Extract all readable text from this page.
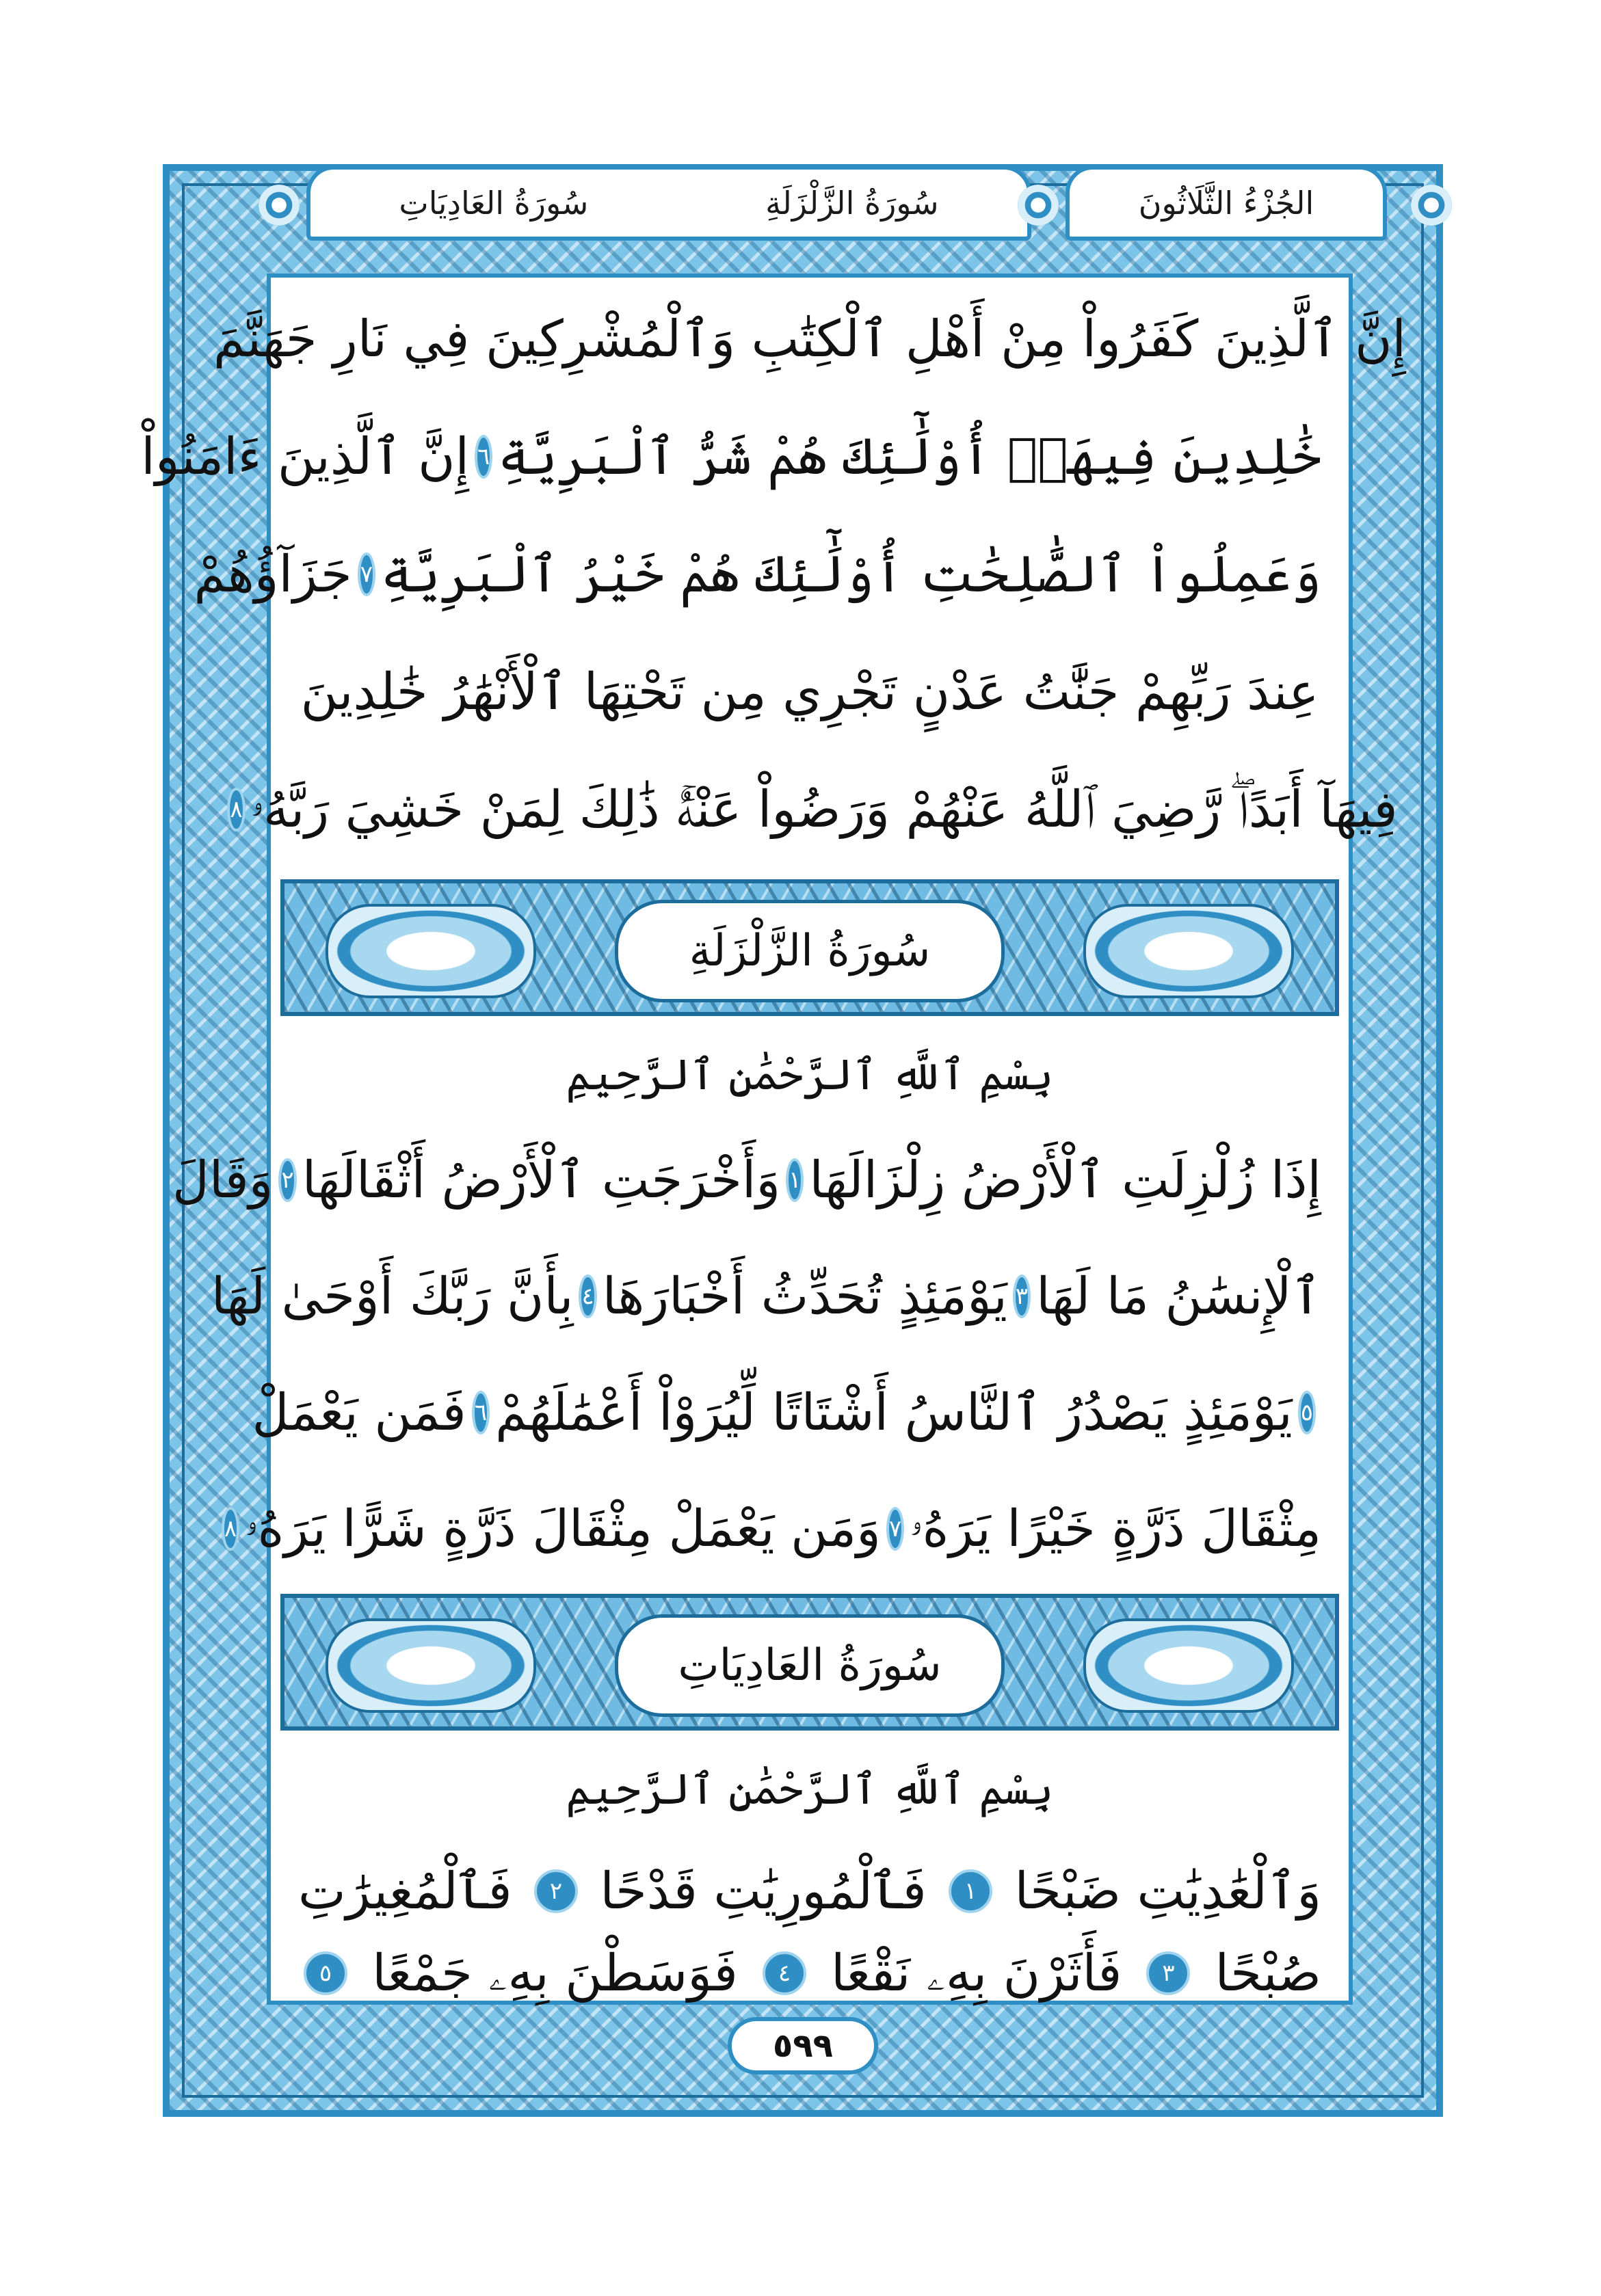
الجُزْءُ الثَّلَاثُونَ
سُورَةُ الزَّلْزَلَةِ
سُورَةُ العَادِيَاتِ
إِنَّ ٱلَّذِينَ كَفَرُواْ مِنْ أَهْلِ ٱلْكِتَٰبِ وَٱلْمُشْرِكِينَ فِي نَارِ جَهَنَّمَ
خَٰلِدِينَ فِيهَآۚ أُوْلَٰٓئِكَ هُمْ شَرُّ ٱلْبَرِيَّةِ
٦
إِنَّ ٱلَّذِينَ ءَامَنُواْ
وَعَمِلُواْ ٱلصَّٰلِحَٰتِ أُوْلَٰٓئِكَ هُمْ خَيْرُ ٱلْبَرِيَّةِ
٧
جَزَآؤُهُمْ
عِندَ رَبِّهِمْ جَنَّٰتُ عَدْنٍ تَجْرِي مِن تَحْتِهَا ٱلْأَنْهَٰرُ خَٰلِدِينَ
فِيهَآ أَبَدًاۖ رَّضِيَ ٱللَّهُ عَنْهُمْ وَرَضُواْ عَنْهُۚ ذَٰلِكَ لِمَنْ خَشِيَ رَبَّهُۥ
٨
سُورَةُ الزَّلْزَلَةِ
بِسْمِ ٱللَّهِ ٱلرَّحْمَٰنِ ٱلرَّحِيمِ
إِذَا زُلْزِلَتِ ٱلْأَرْضُ زِلْزَالَهَا
١
وَأَخْرَجَتِ ٱلْأَرْضُ أَثْقَالَهَا
٢
وَقَالَ
ٱلْإِنسَٰنُ مَا لَهَا
٣
يَوْمَئِذٍ تُحَدِّثُ أَخْبَارَهَا
٤
بِأَنَّ رَبَّكَ أَوْحَىٰ لَهَا
٥
يَوْمَئِذٍ يَصْدُرُ ٱلنَّاسُ أَشْتَاتًا لِّيُرَوْاْ أَعْمَٰلَهُمْ
٦
فَمَن يَعْمَلْ
مِثْقَالَ ذَرَّةٍ خَيْرًا يَرَهُۥ
٧
وَمَن يَعْمَلْ مِثْقَالَ ذَرَّةٍ شَرًّا يَرَهُۥ
٨
سُورَةُ العَادِيَاتِ
بِسْمِ ٱللَّهِ ٱلرَّحْمَٰنِ ٱلرَّحِيمِ
وَٱلْعَٰدِيَٰتِ ضَبْحًا
١
فَٱلْمُورِيَٰتِ قَدْحًا
٢
فَٱلْمُغِيرَٰتِ
صُبْحًا
٣
فَأَثَرْنَ بِهِۦ نَقْعًا
٤
فَوَسَطْنَ بِهِۦ جَمْعًا
٥
٥٩٩
